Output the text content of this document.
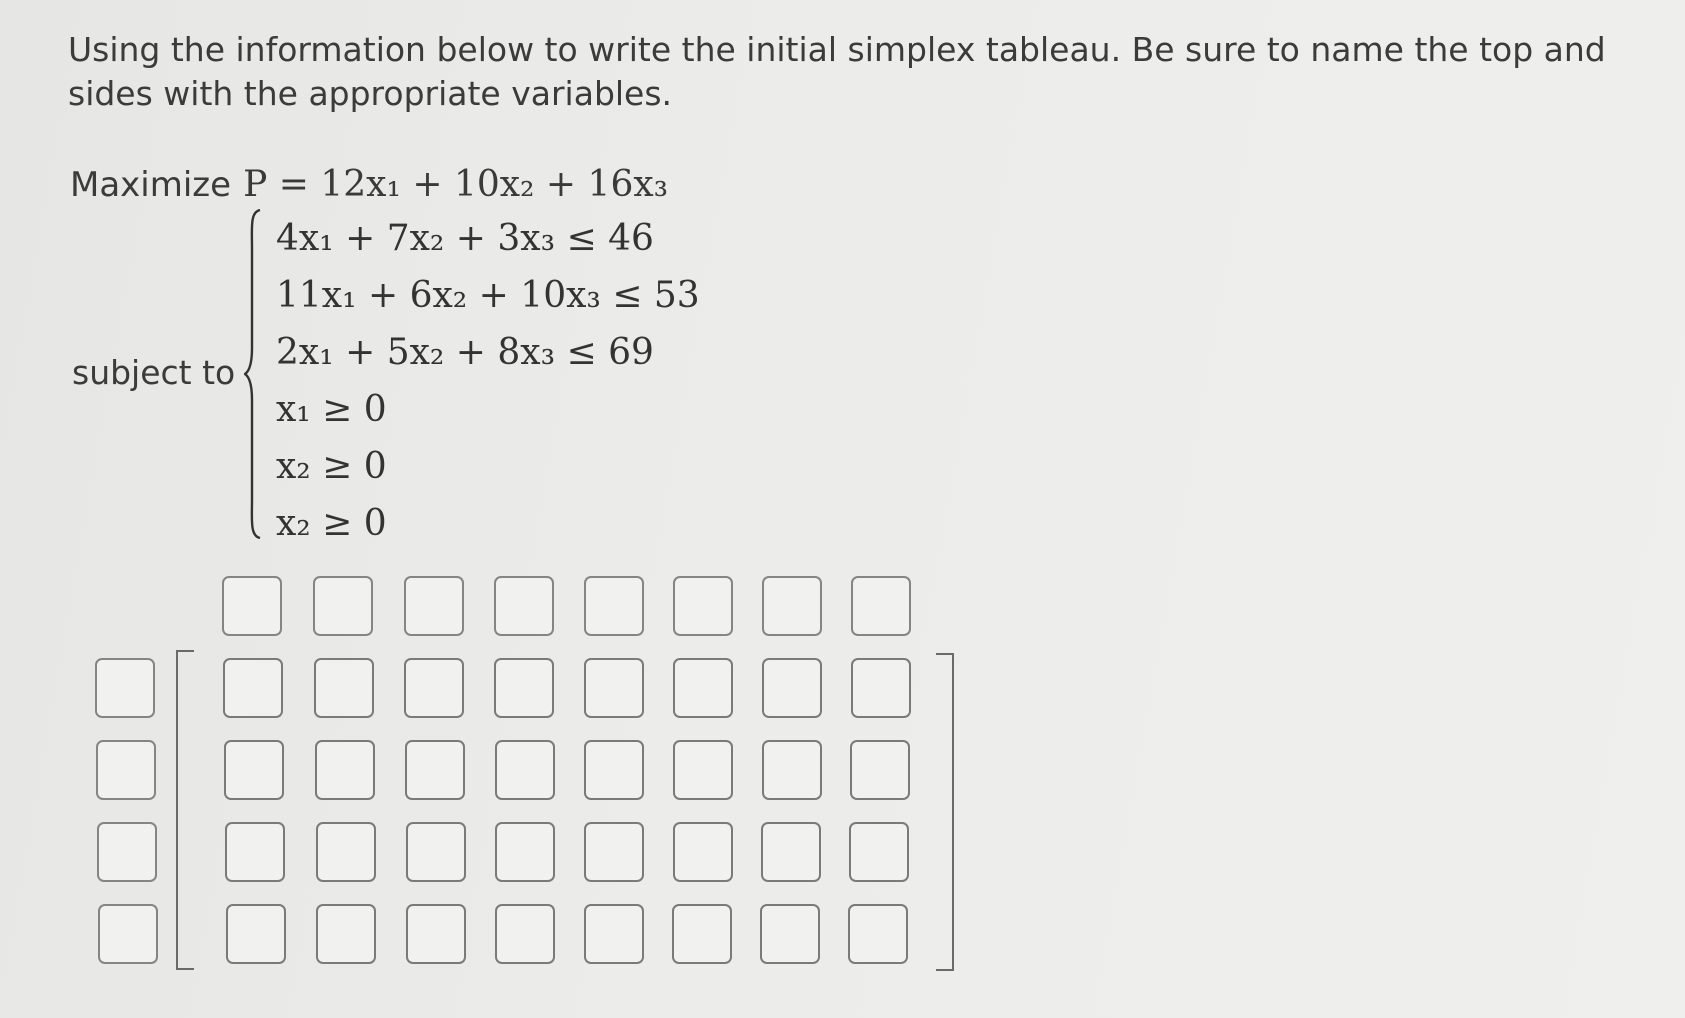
Using the information below to write the initial simplex tableau. Be sure to name the top and sides with the appropriate variables.
Maximize P = 12x₁ + 10x₂ + 16x₃
subject to
4x₁ + 7x₂ + 3x₃ ≤ 46
11x₁ + 6x₂ + 10x₃ ≤ 53
2x₁ + 5x₂ + 8x₃ ≤ 69
x₁ ≥ 0
x₂ ≥ 0
x₂ ≥ 0
